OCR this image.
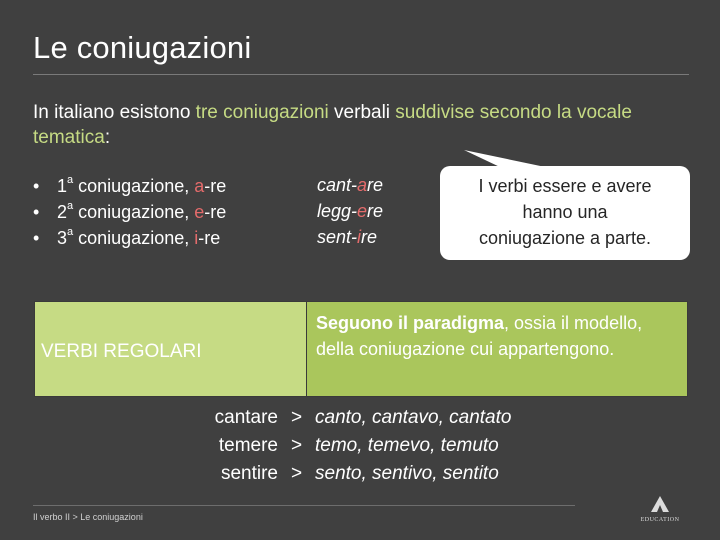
Le coniugazioni
In italiano esistono tre coniugazioni verbali suddivise secondo la vocale tematica:
• 1$^a$ coniugazione, a-re
• 2$^a$ coniugazione, e-re
• 3$^a$ coniugazione, i-re
cant-are
legg-ere
sent-ire
I verbi essere e avere
hanno una
coniugazione a parte.
VERBI REGOLARI
Seguono il paradigma, ossia il modello, della coniugazione cui appartengono.
cantare > canto, cantavo, cantato
temere > temo, temevo, temuto
sentire > sento, sentivo, sentito
Il verbo II > Le coniugazioni	EDUCATION
